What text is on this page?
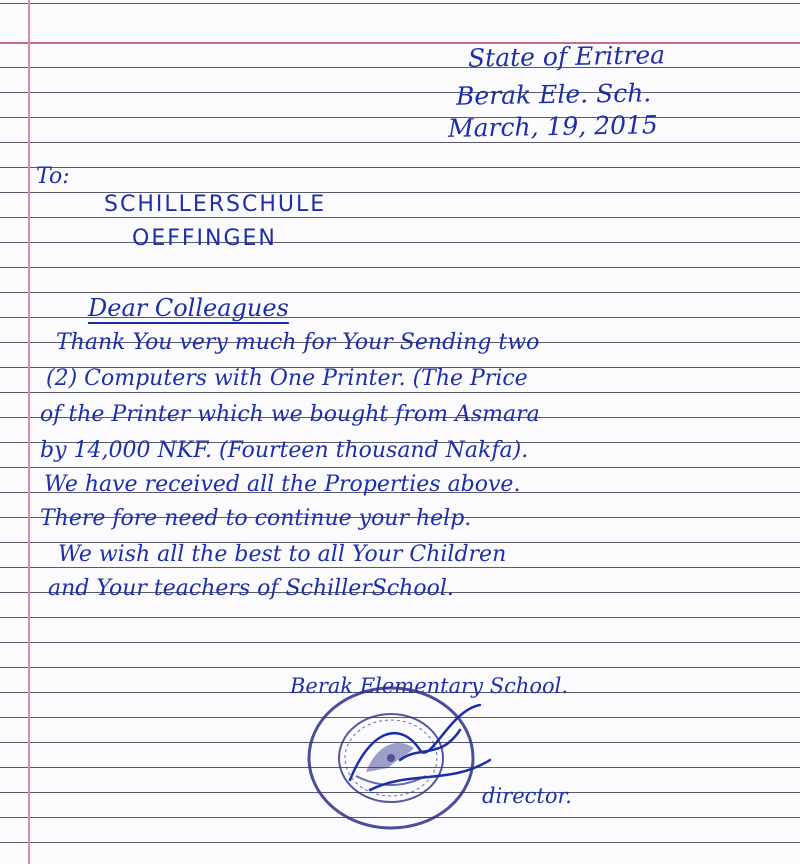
State of Eritrea
Berak Ele. Sch.
March, 19, 2015
To:
SCHILLERSCHULE
OEFFINGEN
Dear Colleagues
Thank You very much for Your Sending two
(2) Computers with One Printer. (The Price
of the Printer which we bought from Asmara
by 14,000 NKF. (Fourteen thousand Nakfa).
We have received all the Properties above.
There fore need to continue your help.
We wish all the best to all Your Children
and Your teachers of SchillerSchool.
Berak Elementary School.
director.
